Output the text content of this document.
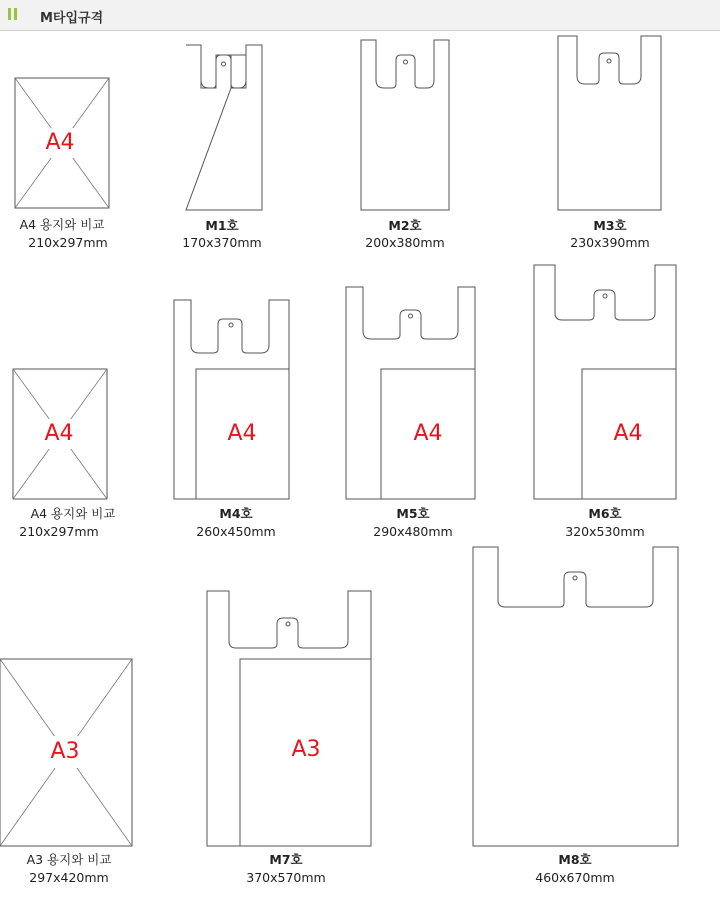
M타입규격
A4
A4 용지와 비교
210x297mm
M1호
170x370mm
M2호
200x380mm
M3호
230x390mm
A4
A4 용지와 비교
210x297mm
A4
M4호
260x450mm
A4
M5호
290x480mm
A4
M6호
320x530mm
A3
A3 용지와 비교
297x420mm
A3
M7호
370x570mm
M8호
460x670mm
